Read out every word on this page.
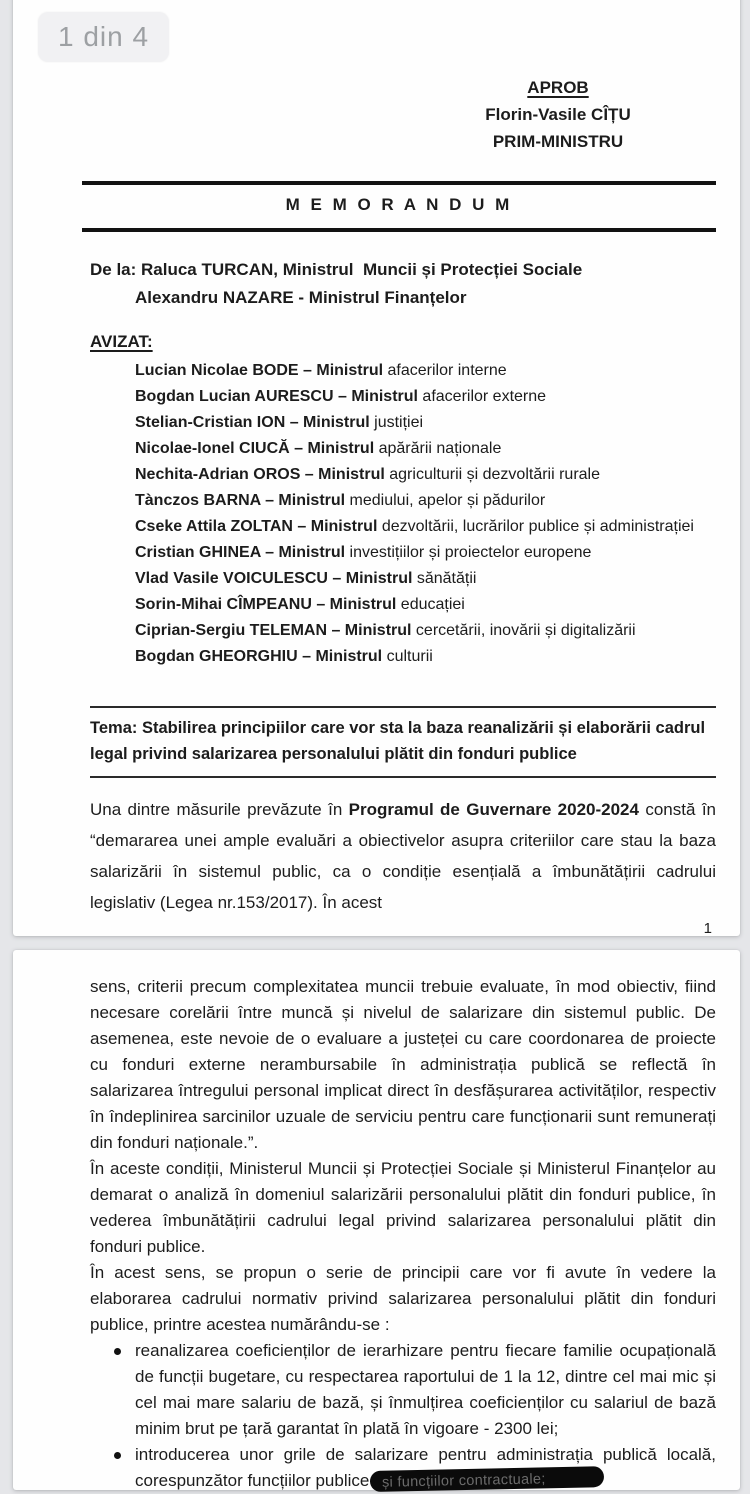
1 din 4
APROB
Florin-Vasile CÎȚU
PRIM-MINISTRU
M E M O R A N D U M
De la: Raluca TURCAN, Ministrul  Muncii și Protecției Sociale
Alexandru NAZARE - Ministrul Finanțelor
AVIZAT:
Lucian Nicolae BODE – Ministrul afacerilor interne
Bogdan Lucian AURESCU – Ministrul afacerilor externe
Stelian-Cristian ION – Ministrul justiției
Nicolae-Ionel CIUCĂ – Ministrul apărării naționale
Nechita-Adrian OROS – Ministrul agriculturii și dezvoltării rurale
Tànczos BARNA – Ministrul mediului, apelor și pădurilor
Cseke Attila ZOLTAN – Ministrul dezvoltării, lucrărilor publice și administrației
Cristian GHINEA – Ministrul investițiilor și proiectelor europene
Vlad Vasile VOICULESCU – Ministrul sănătății
Sorin-Mihai CÎMPEANU – Ministrul educației
Ciprian-Sergiu TELEMAN – Ministrul cercetării, inovării și digitalizării
Bogdan GHEORGHIU – Ministrul culturii
Tema: Stabilirea principiilor care vor sta la baza reanalizării și elaborării cadrul legal privind salarizarea personalului plătit din fonduri publice

Una dintre măsurile prevăzute în Programul de Guvernare 2020-2024 constă în “demararea unei ample evaluări a obiectivelor asupra criteriilor care stau la baza salarizării în sistemul public, ca o condiție esențială a îmbunătățirii cadrului legislativ (Legea nr.153/2017). În acest

1

sens, criterii precum complexitatea muncii trebuie evaluate, în mod obiectiv, fiind necesare corelării între muncă și nivelul de salarizare din sistemul public. De asemenea, este nevoie de o evaluare a justeței cu care coordonarea de proiecte cu fonduri externe nerambursabile în administrația publică se reflectă în salarizarea întregului personal implicat direct în desfășurarea activităților, respectiv în îndeplinirea sarcinilor uzuale de serviciu pentru care funcționarii sunt remunerați din fonduri naționale.”.

În aceste condiții, Ministerul Muncii și Protecției Sociale și Ministerul Finanțelor au demarat o analiză în domeniul salarizării personalului plătit din fonduri publice, în vederea îmbunătățirii cadrului legal privind salarizarea personalului plătit din fonduri publice.

În acest sens, se propun o serie de principii care vor fi avute în vedere la elaborarea cadrului normativ privind salarizarea personalului plătit din fonduri publice, printre acestea numărându-se :

reanalizarea coeficienților de ierarhizare pentru fiecare familie ocupațională de funcții bugetare, cu respectarea raportului de 1 la 12, dintre cel mai mic și cel mai mare salariu de bază, și înmulțirea coeficienților cu salariul de bază minim brut pe țară garantat în plată în vigoare - 2300 lei;
introducerea unor grile de salarizare pentru administrația publică locală, corespunzător funcțiilor publice și funcțiilor contractuale;
